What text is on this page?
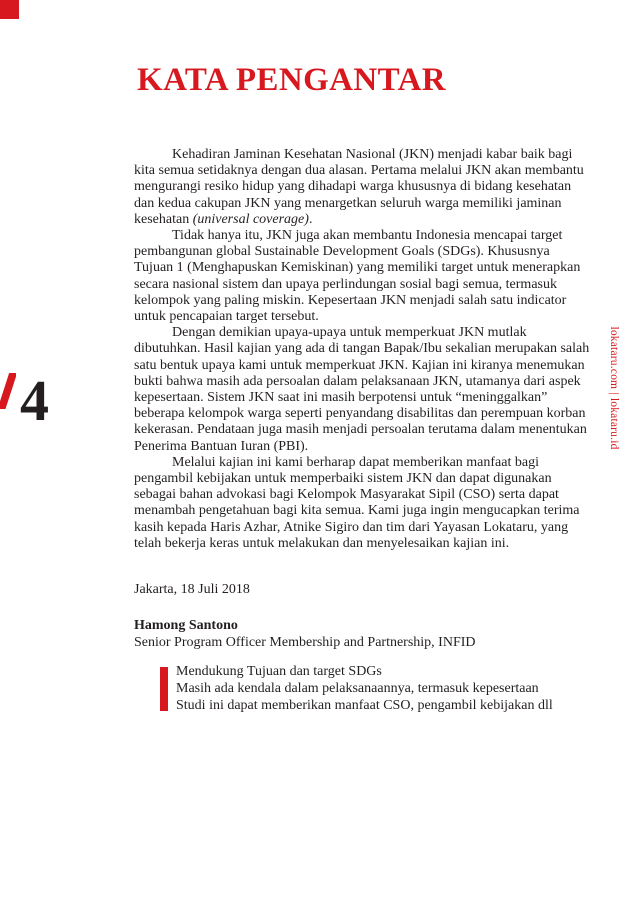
KATA PENGANTAR

Kehadiran Jaminan Kesehatan Nasional (JKN) menjadi kabar baik bagi
kita semua setidaknya dengan dua alasan. Pertama melalui JKN akan membantu
mengurangi resiko hidup yang dihadapi warga khususnya di bidang kesehatan
dan kedua cakupan JKN yang menargetkan seluruh warga memiliki jaminan
kesehatan (universal coverage).

Tidak hanya itu, JKN juga akan membantu Indonesia mencapai target
pembangunan global Sustainable Development Goals (SDGs). Khususnya
Tujuan 1 (Menghapuskan Kemiskinan) yang memiliki target untuk menerapkan
secara nasional sistem dan upaya perlindungan sosial bagi semua, termasuk
kelompok yang paling miskin. Kepesertaan JKN menjadi salah satu indicator
untuk pencapaian target tersebut.

Dengan demikian upaya-upaya untuk memperkuat JKN mutlak
dibutuhkan. Hasil kajian yang ada di tangan Bapak/Ibu sekalian merupakan salah
satu bentuk upaya kami untuk memperkuat JKN. Kajian ini kiranya menemukan
bukti bahwa masih ada persoalan dalam pelaksanaan JKN, utamanya dari aspek
kepesertaan. Sistem JKN saat ini masih berpotensi untuk “meninggalkan”
beberapa kelompok warga seperti penyandang disabilitas dan perempuan korban
kekerasan. Pendataan juga masih menjadi persoalan terutama dalam menentukan
Penerima Bantuan Iuran (PBI).

Melalui kajian ini kami berharap dapat memberikan manfaat bagi
pengambil kebijakan untuk memperbaiki sistem JKN dan dapat digunakan
sebagai bahan advokasi bagi Kelompok Masyarakat Sipil (CSO) serta dapat
menambah pengetahuan bagi kita semua. Kami juga ingin mengucapkan terima
kasih kepada Haris Azhar, Atnike Sigiro dan tim dari Yayasan Lokataru, yang
telah bekerja keras untuk melakukan dan menyelesaikan kajian ini.

4	lokataru.com | lokataru.id
Jakarta, 18 Juli 2018
Hamong Santono
Senior Program Officer Membership and Partnership, INFID
Mendukung Tujuan dan target SDGs
Masih ada kendala dalam pelaksanaannya, termasuk kepesertaan
Studi ini dapat memberikan manfaat CSO, pengambil kebijakan dll
